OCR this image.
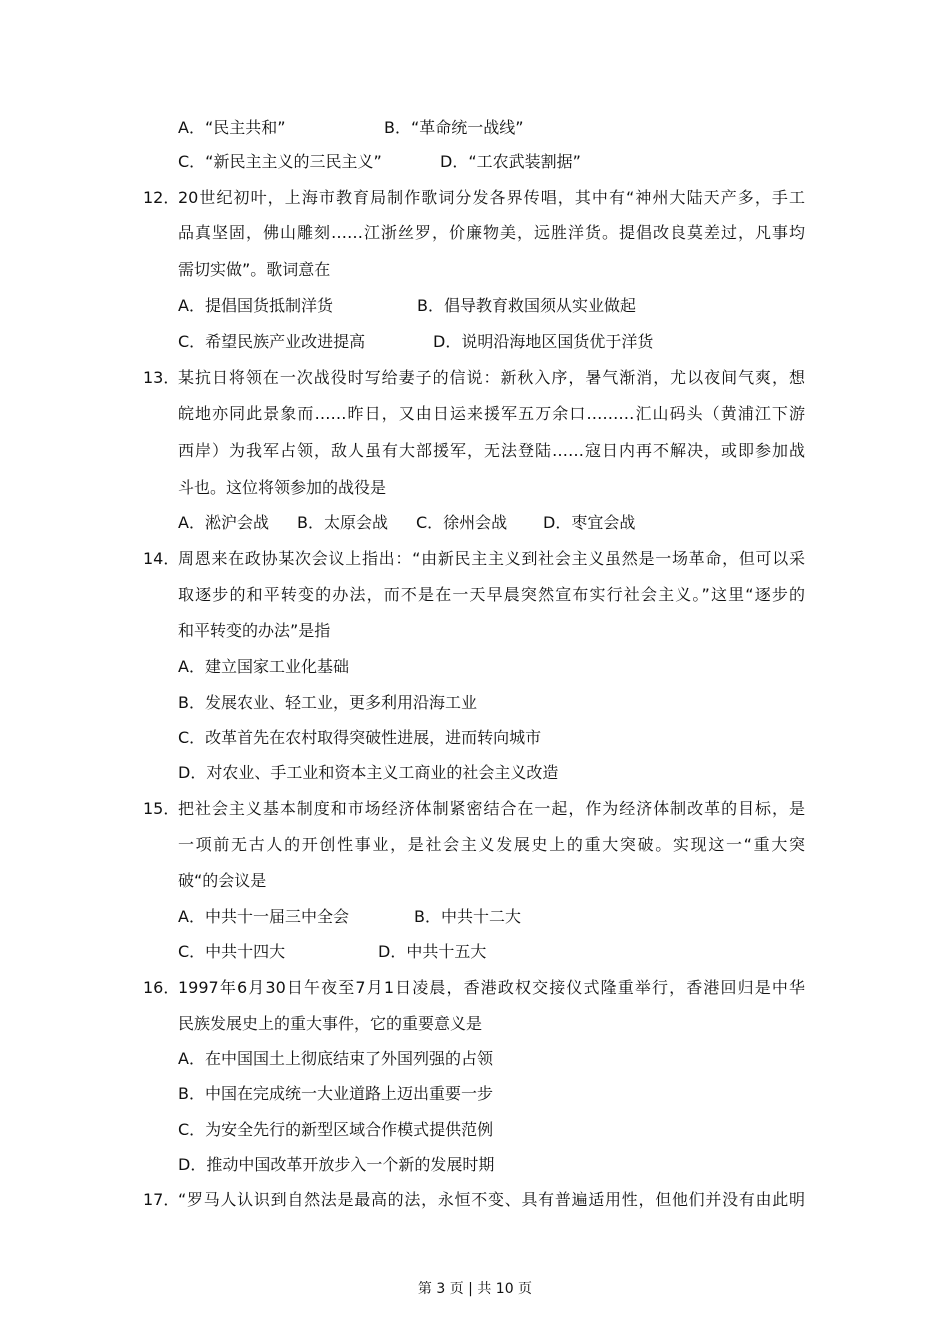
A．“民主共和”	B．“革命统一战线”
C．“新民主主义的三民主义”	D．“工农武装割据”
12．
20世纪初叶，上海市教育局制作歌词分发各界传唱，其中有“神州大陆天产多，手工
品真坚固，佛山雕刻……江浙丝罗，价廉物美，远胜洋货。提倡改良莫差过，凡事均
需切实做”。歌词意在
A．提倡国货抵制洋货	B．倡导教育救国须从实业做起
C．希望民族产业改进提高	D．说明沿海地区国货优于洋货
13．
某抗日将领在一次战役时写给妻子的信说：新秋入序，暑气渐消，尤以夜间气爽，想
皖地亦同此景象而……昨日，又由日运来援军五万余口………汇山码头（黄浦江下游
西岸）为我军占领，敌人虽有大部援军，无法登陆……寇日内再不解决，或即参加战
斗也。这位将领参加的战役是
A．淞沪会战 B．太原会战 C．徐州会战 D．枣宜会战
14．
周恩来在政协某次会议上指出：“由新民主主义到社会主义虽然是一场革命，但可以采
取逐步的和平转变的办法，而不是在一天早晨突然宣布实行社会主义。”这里“逐步的
和平转变的办法”是指
A．建立国家工业化基础
B．发展农业、轻工业，更多利用沿海工业
C．改革首先在农村取得突破性进展，进而转向城市
D．对农业、手工业和资本主义工商业的社会主义改造
15．
把社会主义基本制度和市场经济体制紧密结合在一起，作为经济体制改革的目标，是
一项前无古人的开创性事业，是社会主义发展史上的重大突破。实现这一“重大突
破“的会议是
A．中共十一届三中全会	B．中共十二大
C．中共十四大	D．中共十五大
16．
1997年6月30日午夜至7月1日凌晨，香港政权交接仪式隆重举行，香港回归是中华
民族发展史上的重大事件，它的重要意义是
A．在中国国土上彻底结束了外国列强的占领
B．中国在完成统一大业道路上迈出重要一步
C．为安全先行的新型区域合作模式提供范例
D．推动中国改革开放步入一个新的发展时期
17．
“罗马人认识到自然法是最高的法，永恒不变、具有普遍适用性，但他们并没有由此明
第 3 页 | 共 10 页
